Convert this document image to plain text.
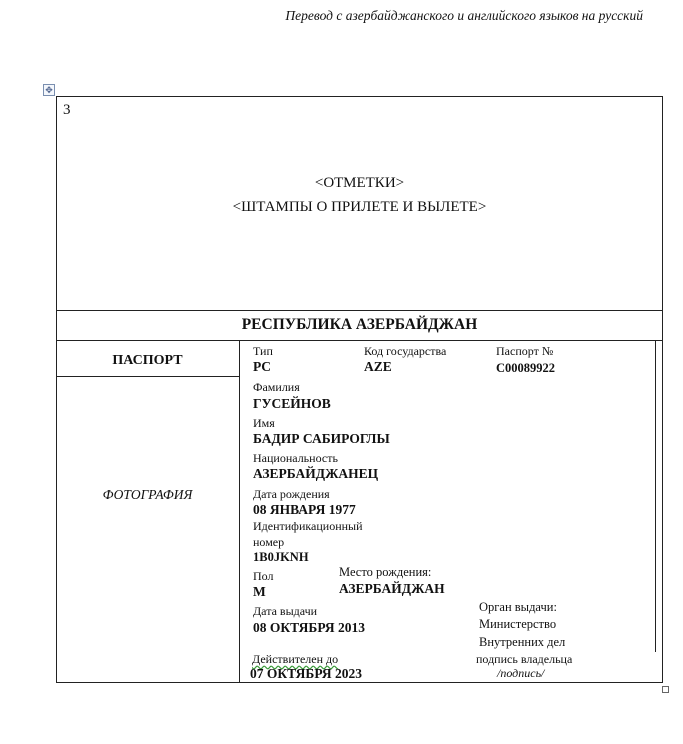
Перевод с азербайджанского и английского языков на русский
✥
3
<ОТМЕТКИ>
<ШТАМПЫ О ПРИЛЕТЕ И ВЫЛЕТЕ>
РЕСПУБЛИКА АЗЕРБАЙДЖАН
ПАСПОРТ
ФОТОГРАФИЯ
Тип
PC
Код государства
AZE
Паспорт №
C00089922
Фамилия
ГУСЕЙНОВ
Имя
БАДИР САБИРОГЛЫ
Национальность
АЗЕРБАЙДЖАНЕЦ
Дата рождения
08 ЯНВАРЯ 1977
Идентификационный
номер
1B0JKNH
Пол
M
Место рождения:
АЗЕРБАЙДЖАН
Дата выдачи
08 ОКТЯБРЯ 2013
Орган выдачи:
Министерство
Внутренних дел
Действителен до
07 ОКТЯБРЯ 2023
подпись владельца
/подпись/
